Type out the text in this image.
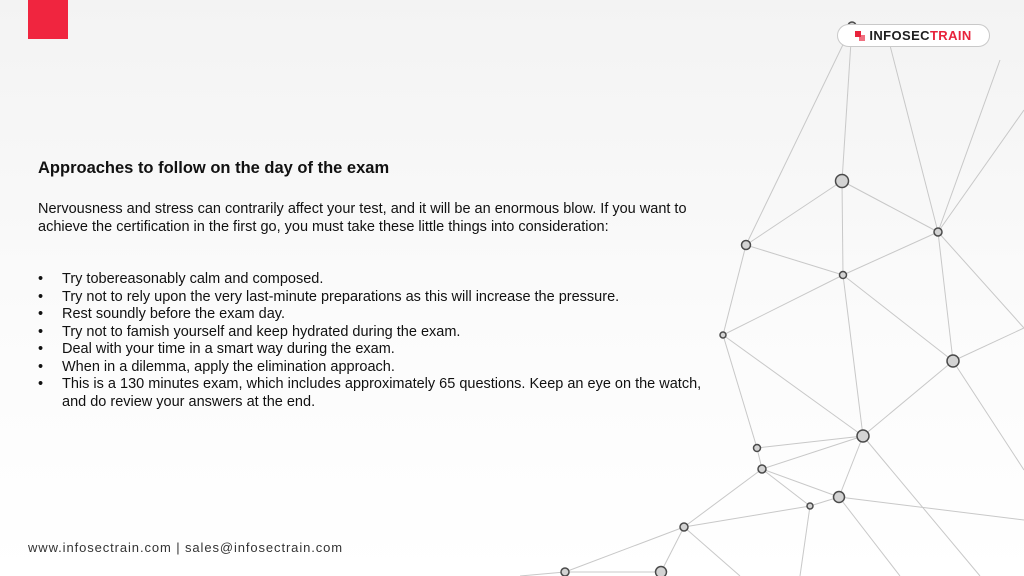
INFOSECTRAIN
Approaches to follow on the day of the exam

Nervousness and stress can contrarily affect your test, and it will be an enormous blow. If you want to achieve the certification in the first go, you must take these little things into consideration:

• Try tobereasonably calm and composed.
• Try not to rely upon the very last-minute preparations as this will increase the pressure.
• Rest soundly before the exam day.
• Try not to famish yourself and keep hydrated during the exam.
• Deal with your time in a smart way during the exam.
• When in a dilemma, apply the elimination approach.
• This is a 130 minutes exam, which includes approximately 65 questions. Keep an eye on the watch, and do review your answers at the end.
www.infosectrain.com | sales@infosectrain.com
